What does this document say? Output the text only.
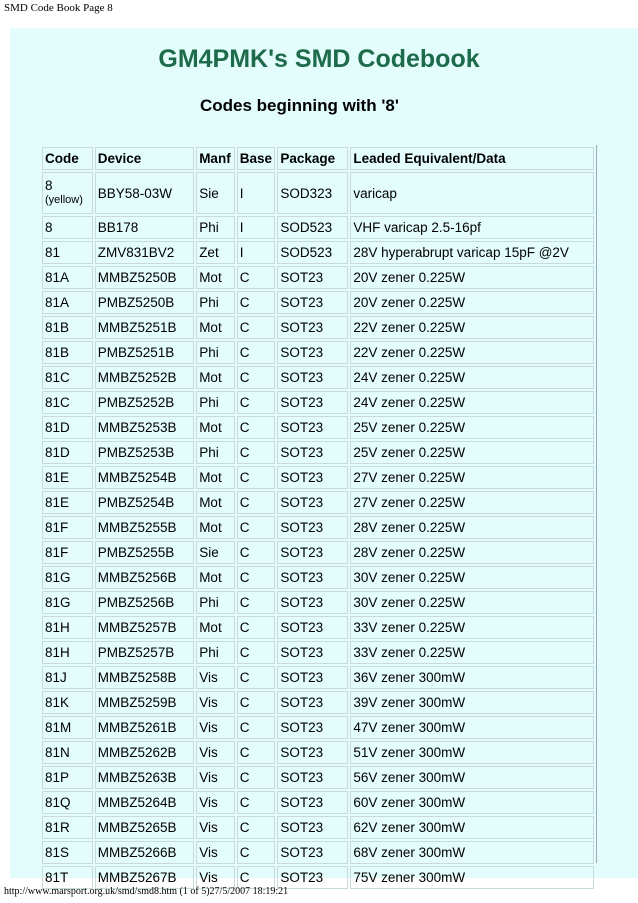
SMD Code Book Page 8
GM4PMK's SMD Codebook
Codes beginning with '8'
Code	Device	Manf	Base	Package	Leaded Equivalent/Data

8
(yellow)	BBY58-03W	Sie	I	SOD323	varicap
8	BB178	Phi	I	SOD523	VHF varicap 2.5-16pf
81	ZMV831BV2	Zet	I	SOD523	28V hyperabrupt varicap 15pF @2V
81A	MMBZ5250B	Mot	C	SOT23	20V zener 0.225W
81A	PMBZ5250B	Phi	C	SOT23	20V zener 0.225W
81B	MMBZ5251B	Mot	C	SOT23	22V zener 0.225W
81B	PMBZ5251B	Phi	C	SOT23	22V zener 0.225W
81C	MMBZ5252B	Mot	C	SOT23	24V zener 0.225W
81C	PMBZ5252B	Phi	C	SOT23	24V zener 0.225W
81D	MMBZ5253B	Mot	C	SOT23	25V zener 0.225W
81D	PMBZ5253B	Phi	C	SOT23	25V zener 0.225W
81E	MMBZ5254B	Mot	C	SOT23	27V zener 0.225W
81E	PMBZ5254B	Mot	C	SOT23	27V zener 0.225W
81F	MMBZ5255B	Mot	C	SOT23	28V zener 0.225W
81F	PMBZ5255B	Sie	C	SOT23	28V zener 0.225W
81G	MMBZ5256B	Mot	C	SOT23	30V zener 0.225W
81G	PMBZ5256B	Phi	C	SOT23	30V zener 0.225W
81H	MMBZ5257B	Mot	C	SOT23	33V zener 0.225W
81H	PMBZ5257B	Phi	C	SOT23	33V zener 0.225W
81J	MMBZ5258B	Vis	C	SOT23	36V zener 300mW
81K	MMBZ5259B	Vis	C	SOT23	39V zener 300mW
81M	MMBZ5261B	Vis	C	SOT23	47V zener 300mW
81N	MMBZ5262B	Vis	C	SOT23	51V zener 300mW
81P	MMBZ5263B	Vis	C	SOT23	56V zener 300mW
81Q	MMBZ5264B	Vis	C	SOT23	60V zener 300mW
81R	MMBZ5265B	Vis	C	SOT23	62V zener 300mW
81S	MMBZ5266B	Vis	C	SOT23	68V zener 300mW
81T	MMBZ5267B	Vis	C	SOT23	75V zener 300mW
http://www.marsport.org.uk/smd/smd8.htm (1 of 5)27/5/2007 18:19:21
